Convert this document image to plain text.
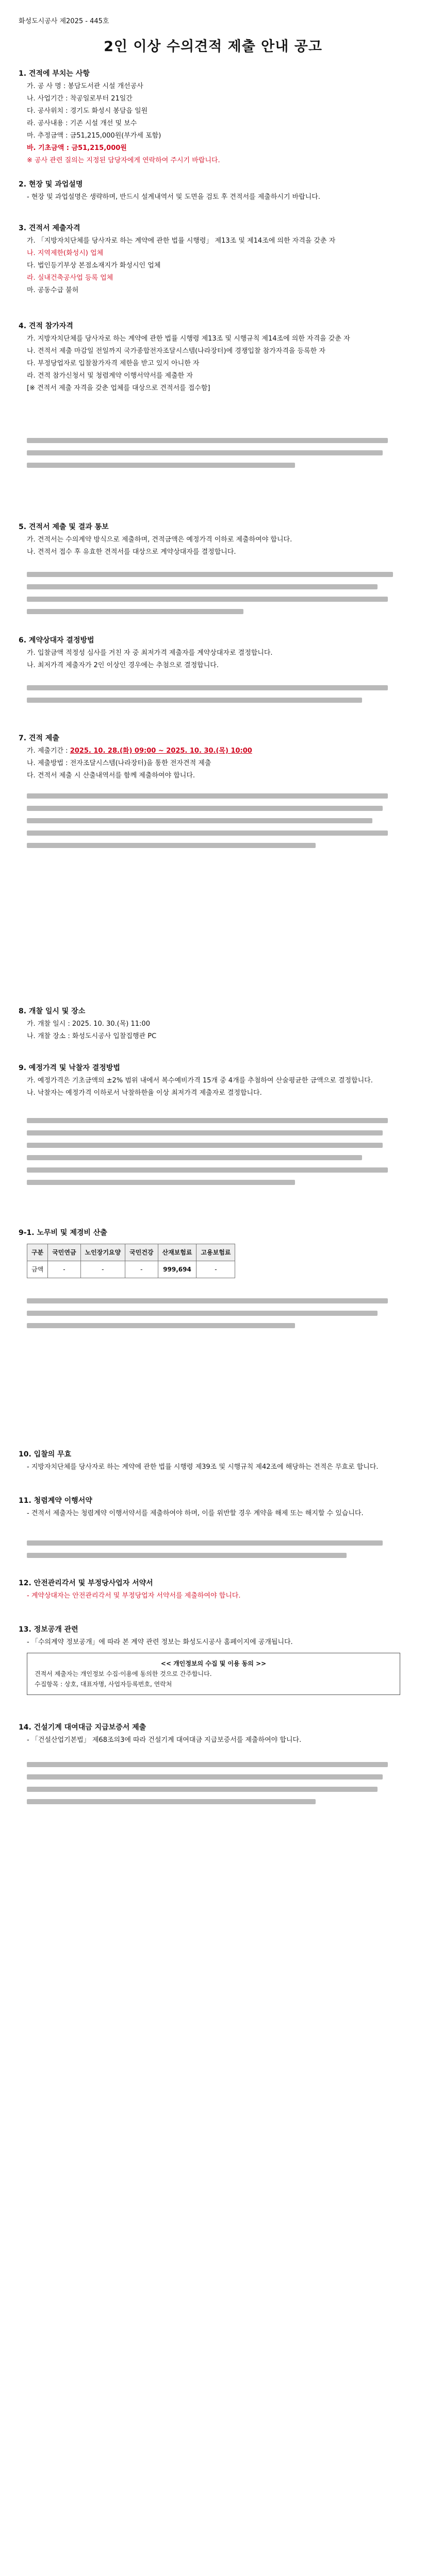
화성도시공사 제2025 - 445호
2인 이상 수의견적 제출 안내 공고
1. 견적에 부치는 사항

가. 공 사 명 : 봉담도서관 시설 개선공사

나. 사업기간 : 착공일로부터 21일간

다. 공사위치 : 경기도 화성시 봉담읍 일원

라. 공사내용 : 기존 시설 개선 및 보수

마. 추정금액 : 금51,215,000원(부가세 포함)

바. 기초금액 : 금51,215,000원

※ 공사 관련 질의는 지정된 담당자에게 연락하여 주시기 바랍니다.

2. 현장 및 과업설명

- 현장 및 과업설명은 생략하며, 반드시 설계내역서 및 도면을 검토 후 견적서를 제출하시기 바랍니다.

3. 견적서 제출자격

가. 「지방자치단체를 당사자로 하는 계약에 관한 법률 시행령」 제13조 및 제14조에 의한 자격을 갖춘 자

나. 지역제한(화성시) 업체

다. 법인등기부상 본점소재지가 화성시인 업체

라. 실내건축공사업 등록 업체

마. 공동수급 불허

4. 견적 참가자격

가. 지방자치단체를 당사자로 하는 계약에 관한 법률 시행령 제13조 및 시행규칙 제14조에 의한 자격을 갖춘 자

나. 견적서 제출 마감일 전일까지 국가종합전자조달시스템(나라장터)에 경쟁입찰 참가자격을 등록한 자

다. 부정당업자로 입찰참가자격 제한을 받고 있지 아니한 자

라. 견적 참가신청서 및 청렴계약 이행서약서를 제출한 자

[※ 견적서 제출 자격을 갖춘 업체를 대상으로 견적서를 접수함]

5. 견적서 제출 및 결과 통보

가. 견적서는 수의계약 방식으로 제출하며, 견적금액은 예정가격 이하로 제출하여야 합니다.

나. 견적서 접수 후 유효한 견적서를 대상으로 계약상대자를 결정합니다.

6. 계약상대자 결정방법

가. 입찰금액 적정성 심사를 거친 자 중 최저가격 제출자를 계약상대자로 결정합니다.

나. 최저가격 제출자가 2인 이상인 경우에는 추첨으로 결정합니다.

7. 견적 제출

가. 제출기간 : 2025. 10. 28.(화) 09:00 ~ 2025. 10. 30.(목) 10:00

나. 제출방법 : 전자조달시스템(나라장터)을 통한 전자견적 제출

다. 견적서 제출 시 산출내역서를 함께 제출하여야 합니다.

8. 개찰 일시 및 장소

가. 개찰 일시 : 2025. 10. 30.(목) 11:00

나. 개찰 장소 : 화성도시공사 입찰집행관 PC

9. 예정가격 및 낙찰자 결정방법

가. 예정가격은 기초금액의 ±2% 범위 내에서 복수예비가격 15개 중 4개를 추첨하여 산술평균한 금액으로 결정합니다.

나. 낙찰자는 예정가격 이하로서 낙찰하한율 이상 최저가격 제출자로 결정합니다.

9-1. 노무비 및 제경비 산출
구분	국민연금	노인장기요양	국민건강	산재보험료	고용보험료
금액	-	-	-	999,694	-
10. 입찰의 무효

- 지방자치단체를 당사자로 하는 계약에 관한 법률 시행령 제39조 및 시행규칙 제42조에 해당하는 견적은 무효로 합니다.

11. 청렴계약 이행서약

- 견적서 제출자는 청렴계약 이행서약서를 제출하여야 하며, 이를 위반할 경우 계약을 해제 또는 해지할 수 있습니다.

12. 안전관리각서 및 부정당사업자 서약서

- 계약상대자는 안전관리각서 및 부정당업자 서약서를 제출하여야 합니다.

13. 정보공개 관련

- 「수의계약 정보공개」에 따라 본 계약 관련 정보는 화성도시공사 홈페이지에 공개됩니다.

<< 개인정보의 수집 및 이용 동의 >>

견적서 제출자는 개인정보 수집·이용에 동의한 것으로 간주합니다.

수집항목 : 상호, 대표자명, 사업자등록번호, 연락처

14. 건설기계 대여대금 지급보증서 제출

- 「건설산업기본법」 제68조의3에 따라 건설기계 대여대금 지급보증서를 제출하여야 합니다.
